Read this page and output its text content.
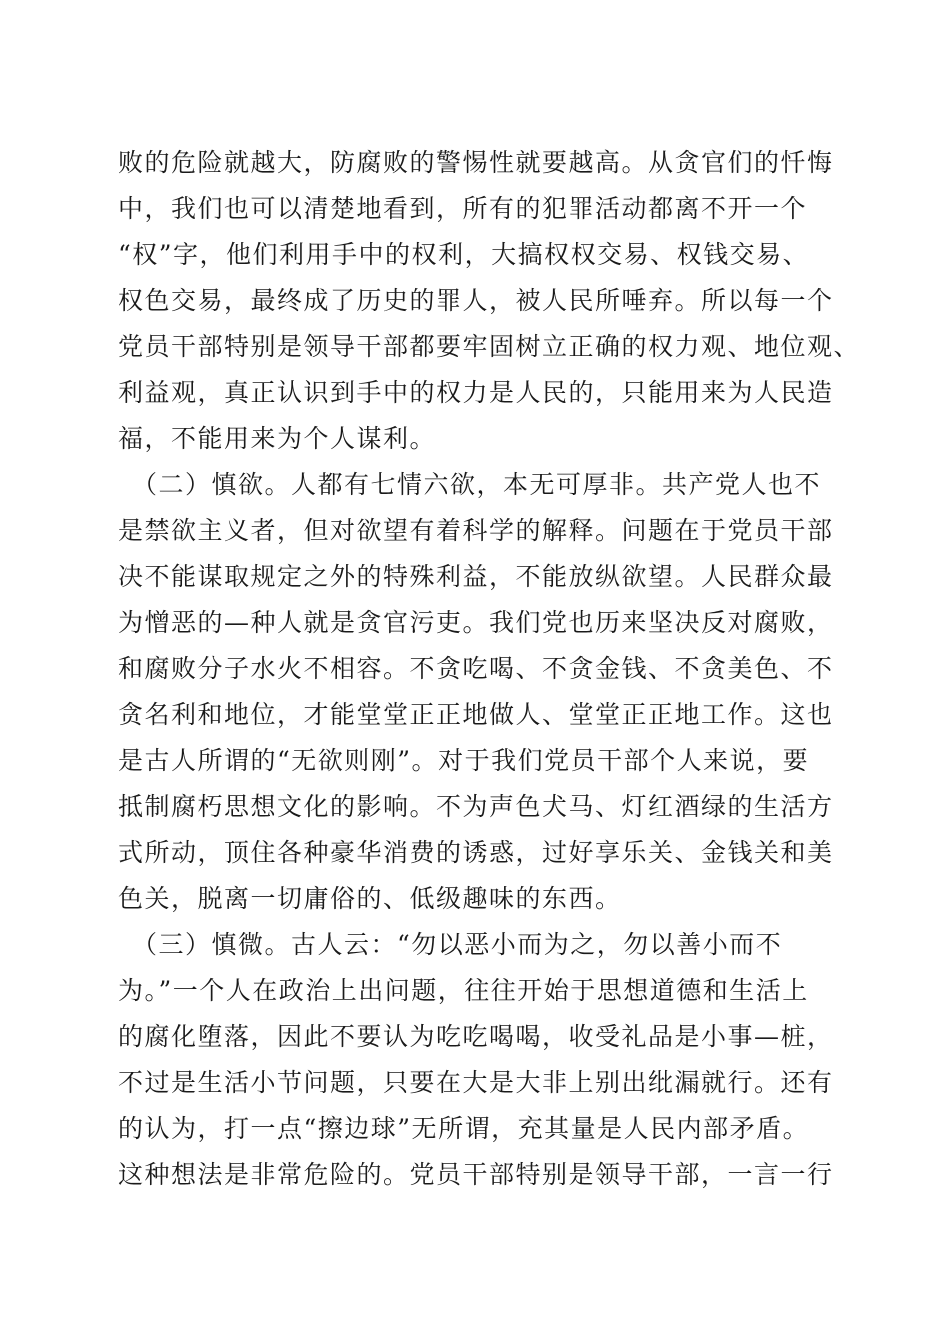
败的危险就越大，防腐败的警惕性就要越高。从贪官们的忏悔
中，我们也可以清楚地看到，所有的犯罪活动都离不开一个
“权”字，他们利用手中的权利，大搞权权交易、权钱交易、
权色交易，最终成了历史的罪人，被人民所唾弃。所以每一个
党员干部特别是领导干部都要牢固树立正确的权力观、地位观、
利益观，真正认识到手中的权力是人民的，只能用来为人民造
福，不能用来为个人谋利。
　（二）慎欲。人都有七情六欲，本无可厚非。共产党人也不
是禁欲主义者，但对欲望有着科学的解释。问题在于党员干部
决不能谋取规定之外的特殊利益，不能放纵欲望。人民群众最
为憎恶的—种人就是贪官污吏。我们党也历来坚决反对腐败，
和腐败分子水火不相容。不贪吃喝、不贪金钱、不贪美色、不
贪名利和地位，才能堂堂正正地做人、堂堂正正地工作。这也
是古人所谓的“无欲则刚”。对于我们党员干部个人来说，要
抵制腐朽思想文化的影响。不为声色犬马、灯红酒绿的生活方
式所动，顶住各种豪华消费的诱惑，过好享乐关、金钱关和美
色关，脱离一切庸俗的、低级趣味的东西。
　（三）慎微。古人云：“勿以恶小而为之，勿以善小而不
为。”一个人在政治上出问题，往往开始于思想道德和生活上
的腐化堕落，因此不要认为吃吃喝喝，收受礼品是小事—桩，
不过是生活小节问题，只要在大是大非上别出纰漏就行。还有
的认为，打一点“擦边球”无所谓，充其量是人民内部矛盾。
这种想法是非常危险的。党员干部特别是领导干部，一言一行
